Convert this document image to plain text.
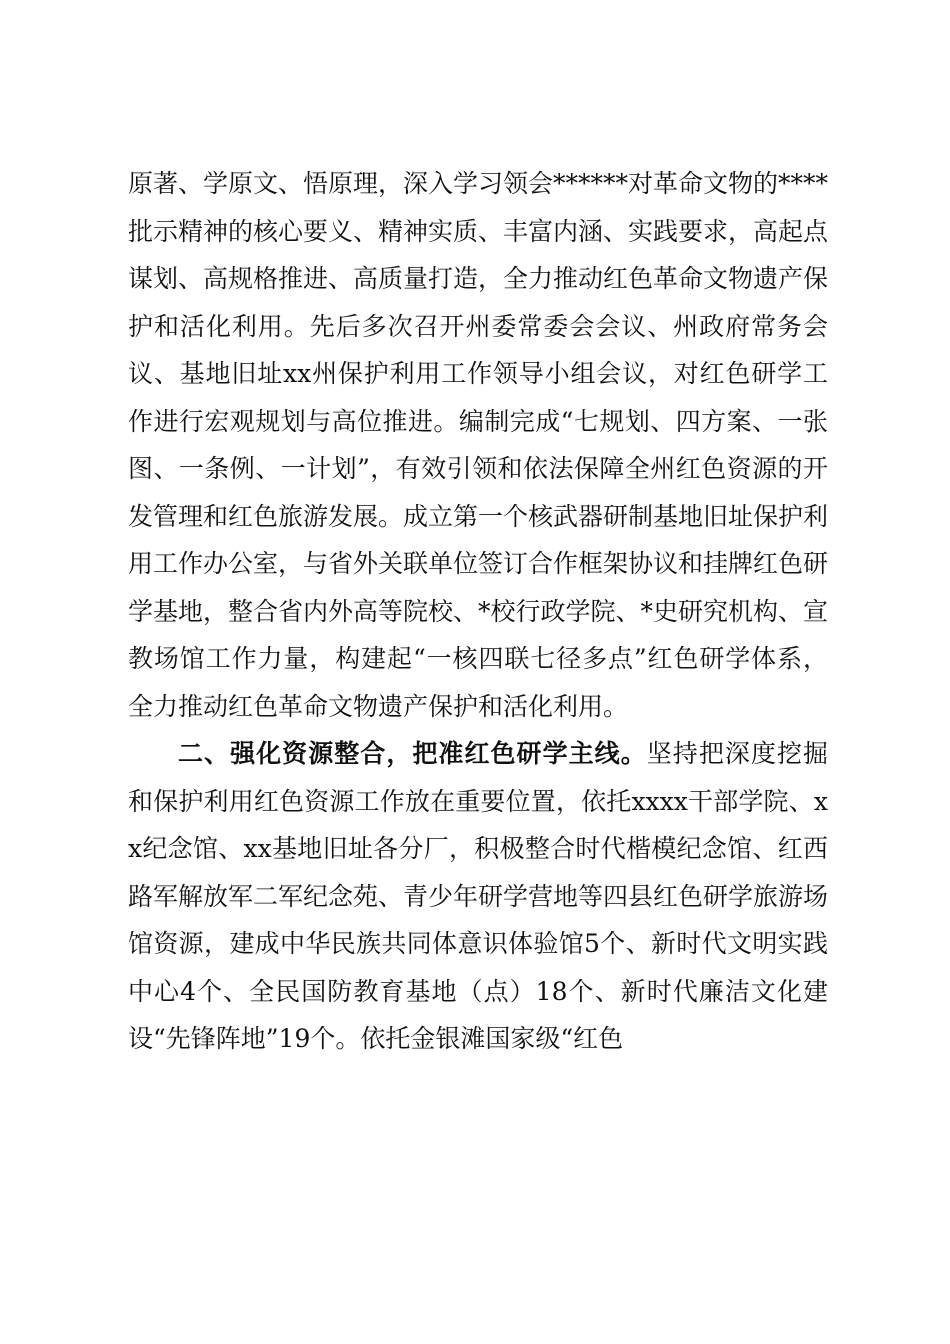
原著、学原文、悟原理，深入学习领会******对革命文物的****批示精神的核心要义、精神实质、丰富内涵、实践要求，高起点谋划、高规格推进、高质量打造，全力推动红色革命文物遗产保护和活化利用。先后多次召开州委常委会会议、州政府常务会议、基地旧址xx州保护利用工作领导小组会议，对红色研学工作进行宏观规划与高位推进。编制完成“七规划、四方案、一张图、一条例、一计划”，有效引领和依法保障全州红色资源的开发管理和红色旅游发展。成立第一个核武器研制基地旧址保护利用工作办公室，与省外关联单位签订合作框架协议和挂牌红色研学基地，整合省内外高等院校、*校行政学院、*史研究机构、宣教场馆工作力量，构建起“一核四联七径多点”红色研学体系，全力推动红色革命文物遗产保护和活化利用。

二、强化资源整合，把准红色研学主线。坚持把深度挖掘和保护利用红色资源工作放在重要位置，依托xxxx干部学院、xx纪念馆、xx基地旧址各分厂，积极整合时代楷模纪念馆、红西路军解放军二军纪念苑、青少年研学营地等四县红色研学旅游场馆资源，建成中华民族共同体意识体验馆5个、新时代文明实践中心4个、全民国防教育基地（点）18个、新时代廉洁文化建设“先锋阵地”19个。依托金银滩国家级“红色
